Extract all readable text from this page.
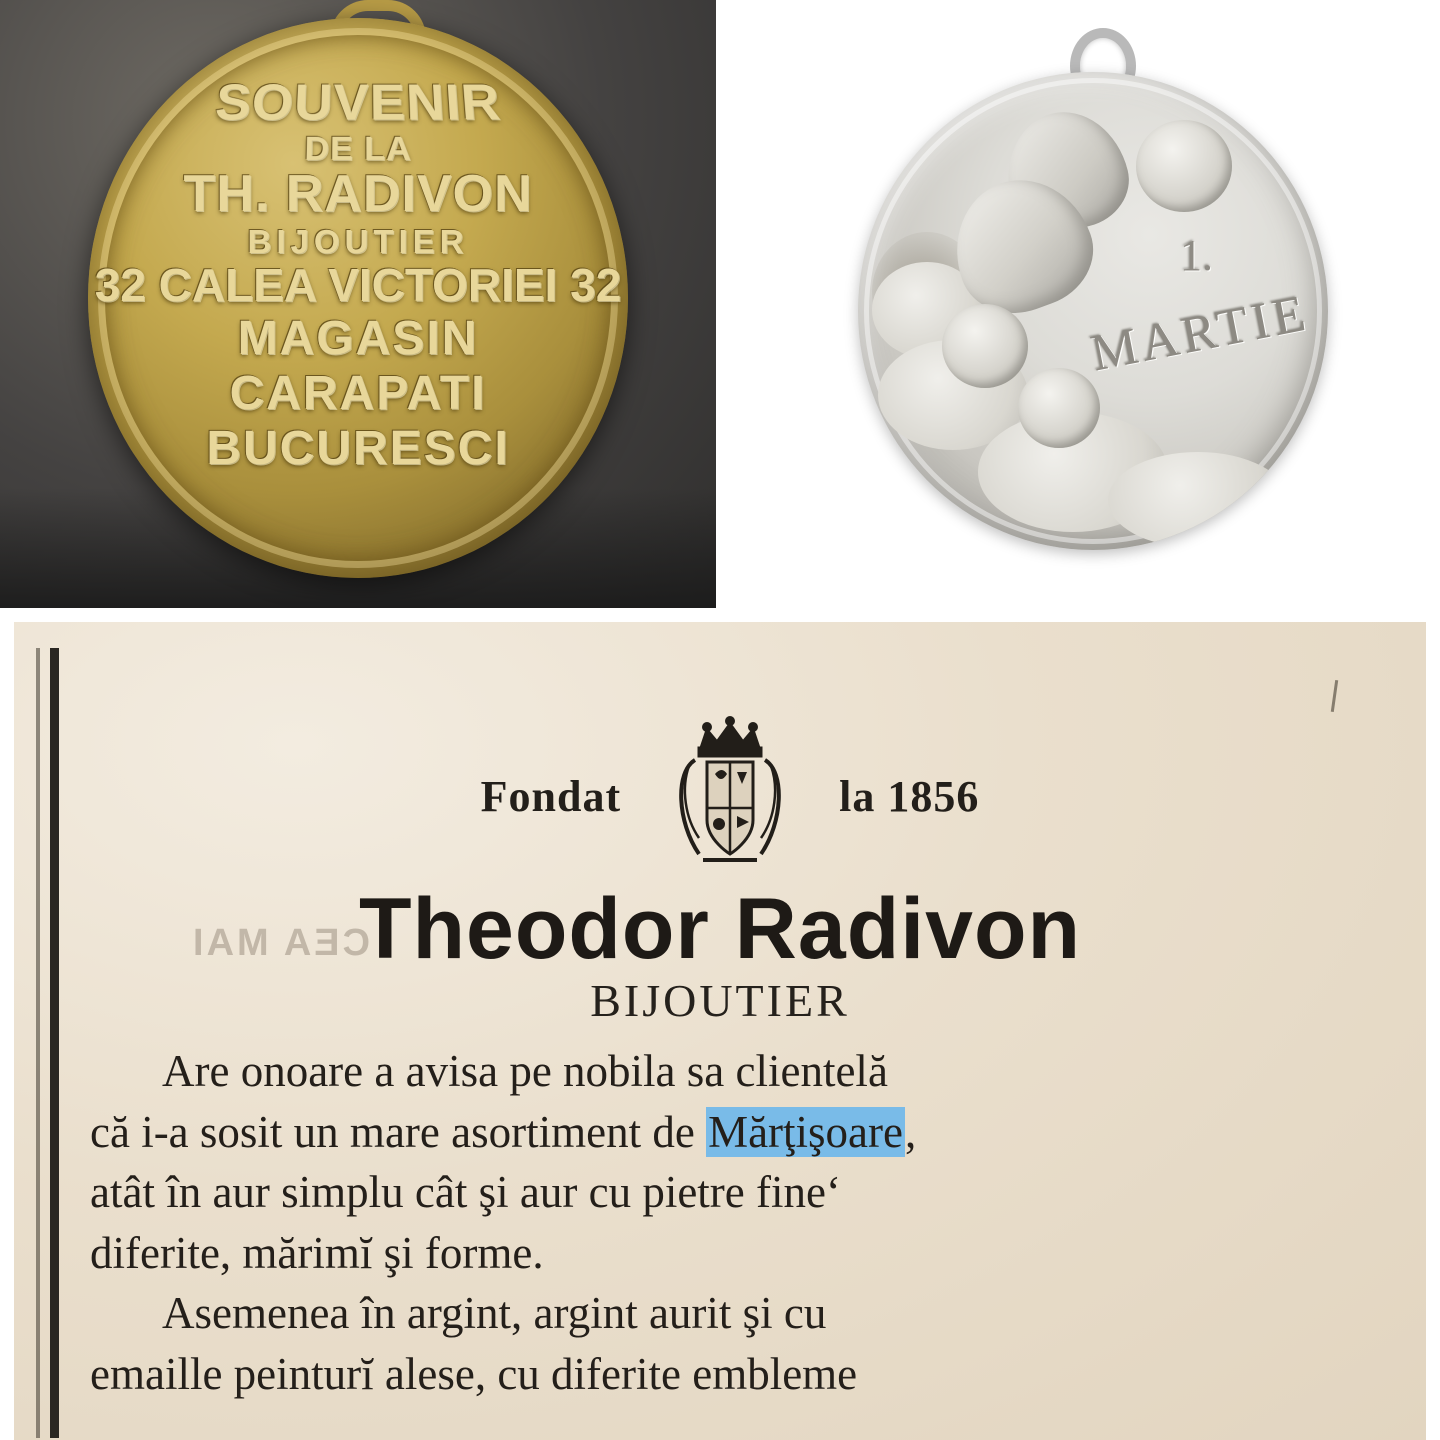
SOUVENIR
DE LA
TH. RADIVON
BIJOUTIER
32 CALEA VICTORIEI 32
MAGASIN
CARAPATI
BUCURESCI
1.
MARTIE
CEA MAI
Fondat	la 1856
Theodor Radivon
BIJOUTIER

Are onoare a avisa pe nobila sa clientelă

că i-a sosit un mare asortiment de Mărţişoare,

atât în aur simplu cât şi aur cu pietre fine‘

diferite, mărimĭ şi forme.

Asemenea în argint, argint aurit şi cu

emaille peinturĭ alese, cu diferite embleme
